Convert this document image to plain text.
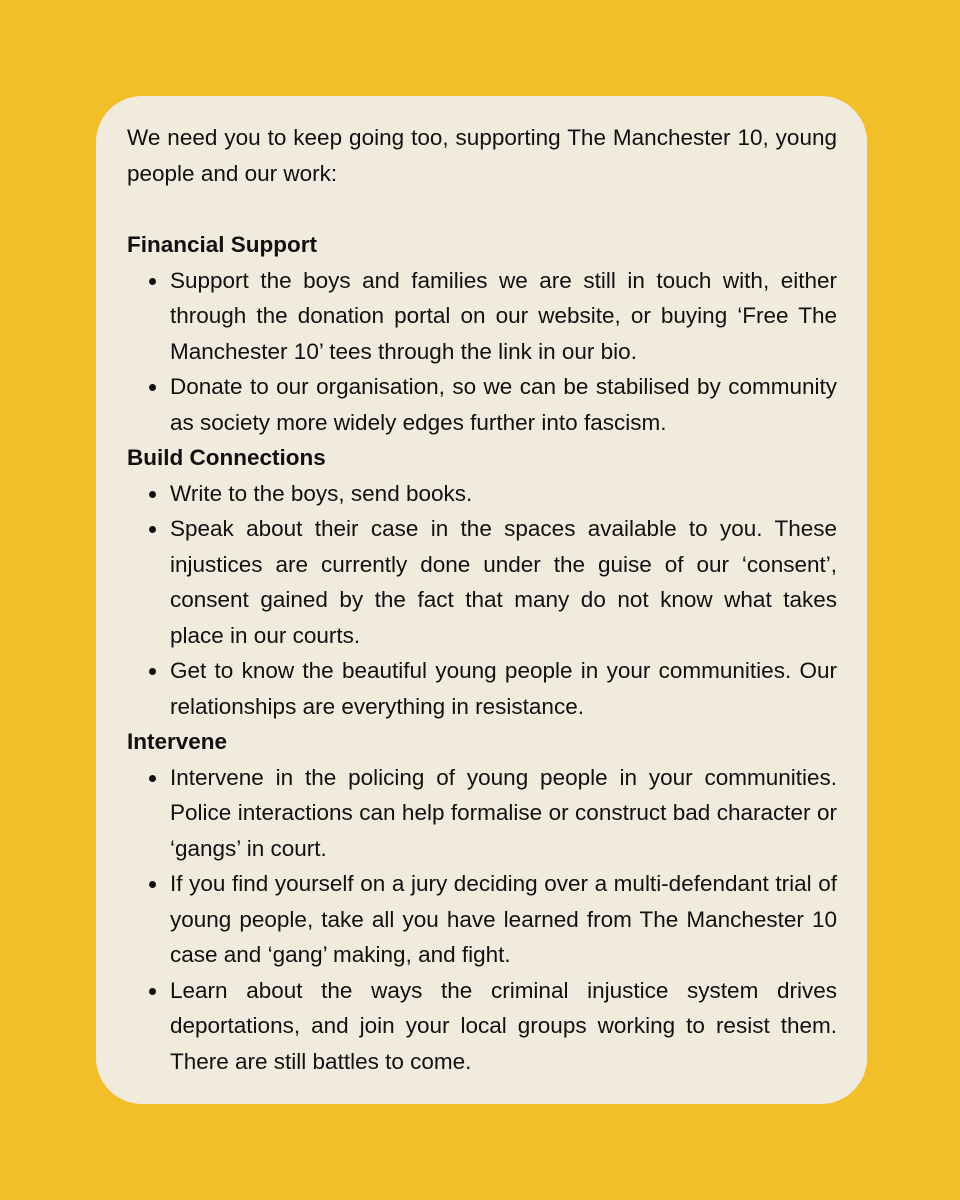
We need you to keep going too, supporting The Manchester 10, young people and our work:

Financial Support

Support the boys and families we are still in touch with, either through the donation portal on our website, or buying ‘Free The Manchester 10’ tees through the link in our bio.
Donate to our organisation, so we can be stabilised by community as society more widely edges further into fascism.

Build Connections

Write to the boys, send books.
Speak about their case in the spaces available to you. These injustices are currently done under the guise of our ‘consent’, consent gained by the fact that many do not know what takes place in our courts.
Get to know the beautiful young people in your communities. Our relationships are everything in resistance.

Intervene

Intervene in the policing of young people in your communities. Police interactions can help formalise or construct bad character or ‘gangs’ in court.
If you find yourself on a jury deciding over a multi-defendant trial of young people, take all you have learned from The Manchester 10 case and ‘gang’ making, and fight.
Learn about the ways the criminal injustice system drives deportations, and join your local groups working to resist them. There are still battles to come.
